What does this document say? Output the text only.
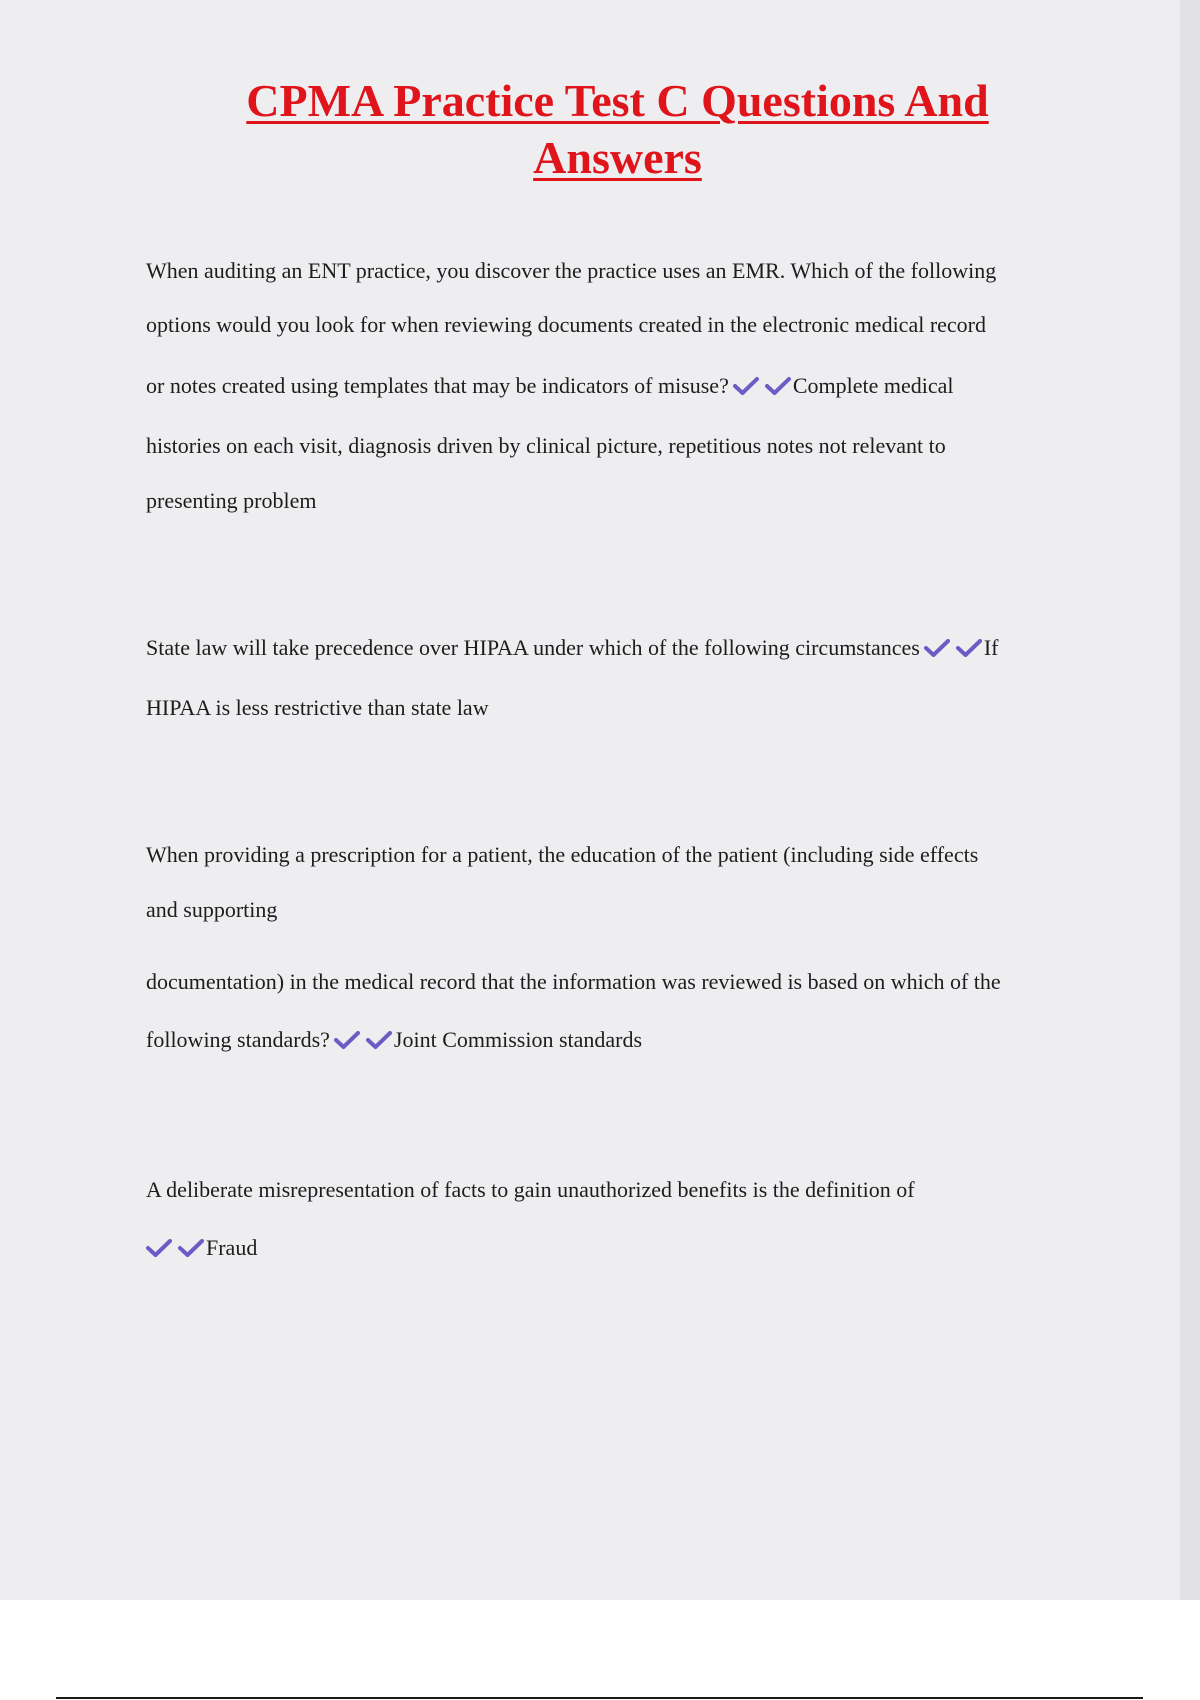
CPMA Practice Test C Questions And
Answers

When auditing an ENT practice, you discover the practice uses an EMR. Which of the following

options would you look for when reviewing documents created in the electronic medical record

or notes created using templates that may be indicators of misuse?	Complete medical

histories on each visit, diagnosis driven by clinical picture, repetitious notes not relevant to

presenting problem

State law will take precedence over HIPAA under which of the following circumstances	If

HIPAA is less restrictive than state law

When providing a prescription for a patient, the education of the patient (including side effects

and supporting

documentation) in the medical record that the information was reviewed is based on which of the

following standards?	Joint Commission standards

A deliberate misrepresentation of facts to gain unauthorized benefits is the definition of

Fraud
